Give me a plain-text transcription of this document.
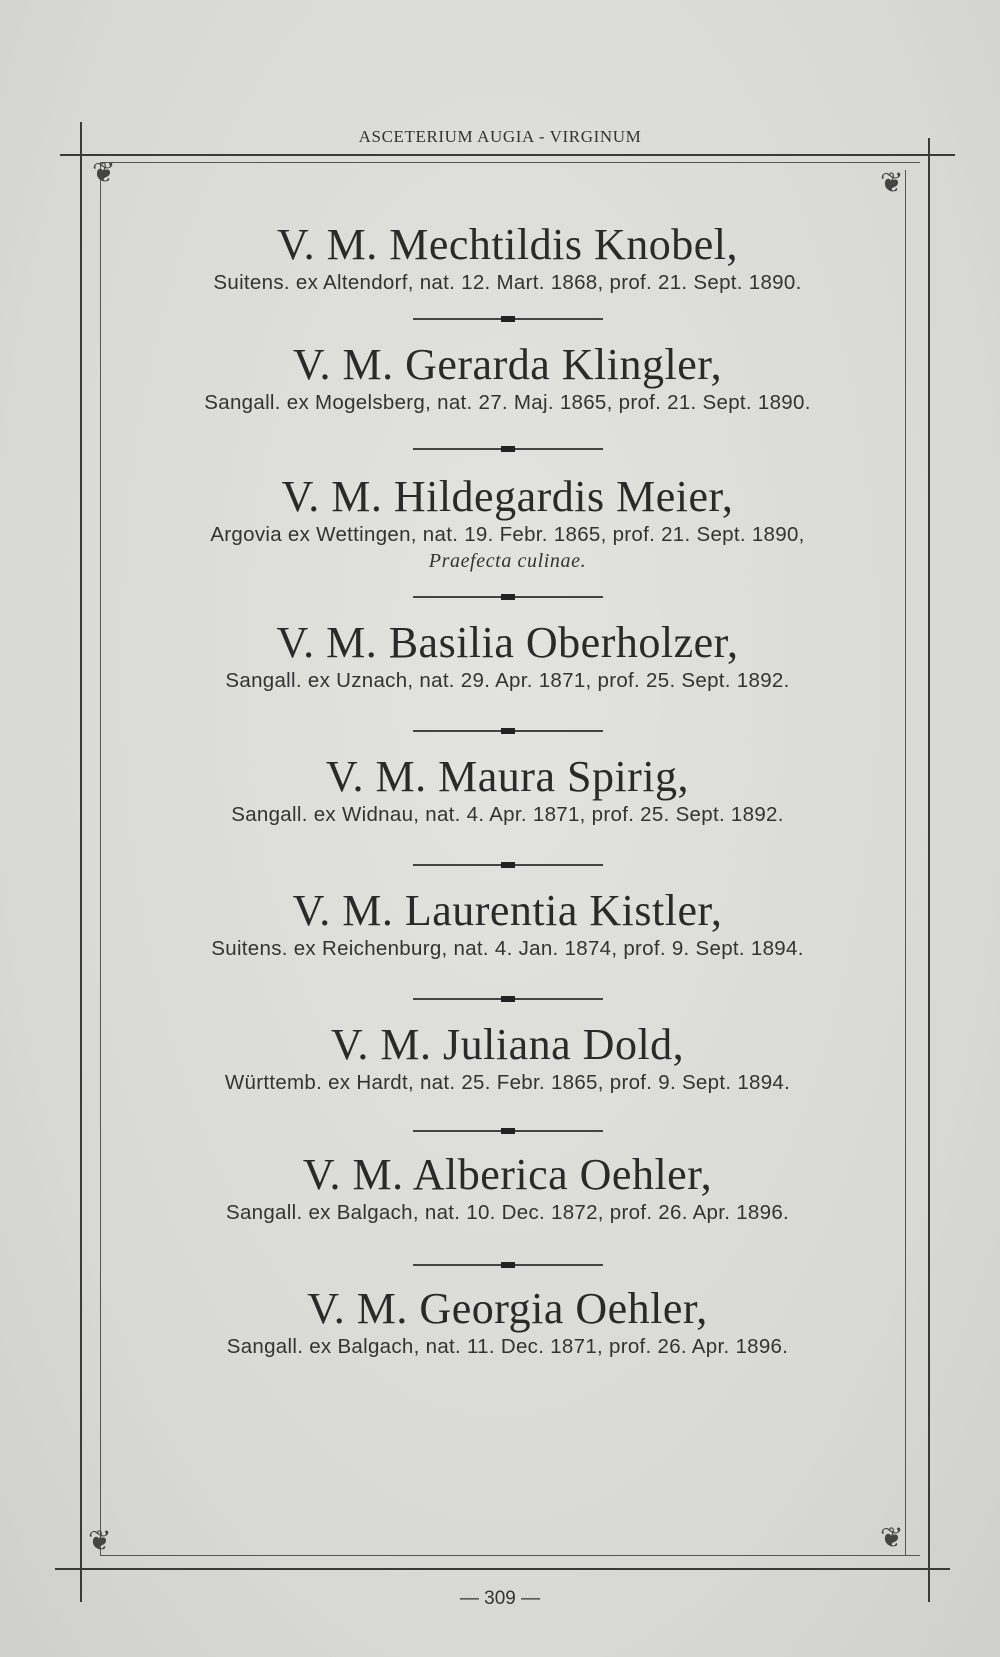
ASCETERIUM AUGIA - VIRGINUM
❦	❦
❦	❦
V. M. Mechtildis Knobel,
Suitens. ex Altendorf, nat. 12. Mart. 1868, prof. 21. Sept. 1890.
V. M. Gerarda Klingler,
Sangall. ex Mogelsberg, nat. 27. Maj. 1865, prof. 21. Sept. 1890.
V. M. Hildegardis Meier,
Argovia ex Wettingen, nat. 19. Febr. 1865, prof. 21. Sept. 1890,
Praefecta culinae.
V. M. Basilia Oberholzer,
Sangall. ex Uznach, nat. 29. Apr. 1871, prof. 25. Sept. 1892.
V. M. Maura Spirig,
Sangall. ex Widnau, nat. 4. Apr. 1871, prof. 25. Sept. 1892.
V. M. Laurentia Kistler,
Suitens. ex Reichenburg, nat. 4. Jan. 1874, prof. 9. Sept. 1894.
V. M. Juliana Dold,
Württemb. ex Hardt, nat. 25. Febr. 1865, prof. 9. Sept. 1894.
V. M. Alberica Oehler,
Sangall. ex Balgach, nat. 10. Dec. 1872, prof. 26. Apr. 1896.
V. M. Georgia Oehler,
Sangall. ex Balgach, nat. 11. Dec. 1871, prof. 26. Apr. 1896.
— 309 —
